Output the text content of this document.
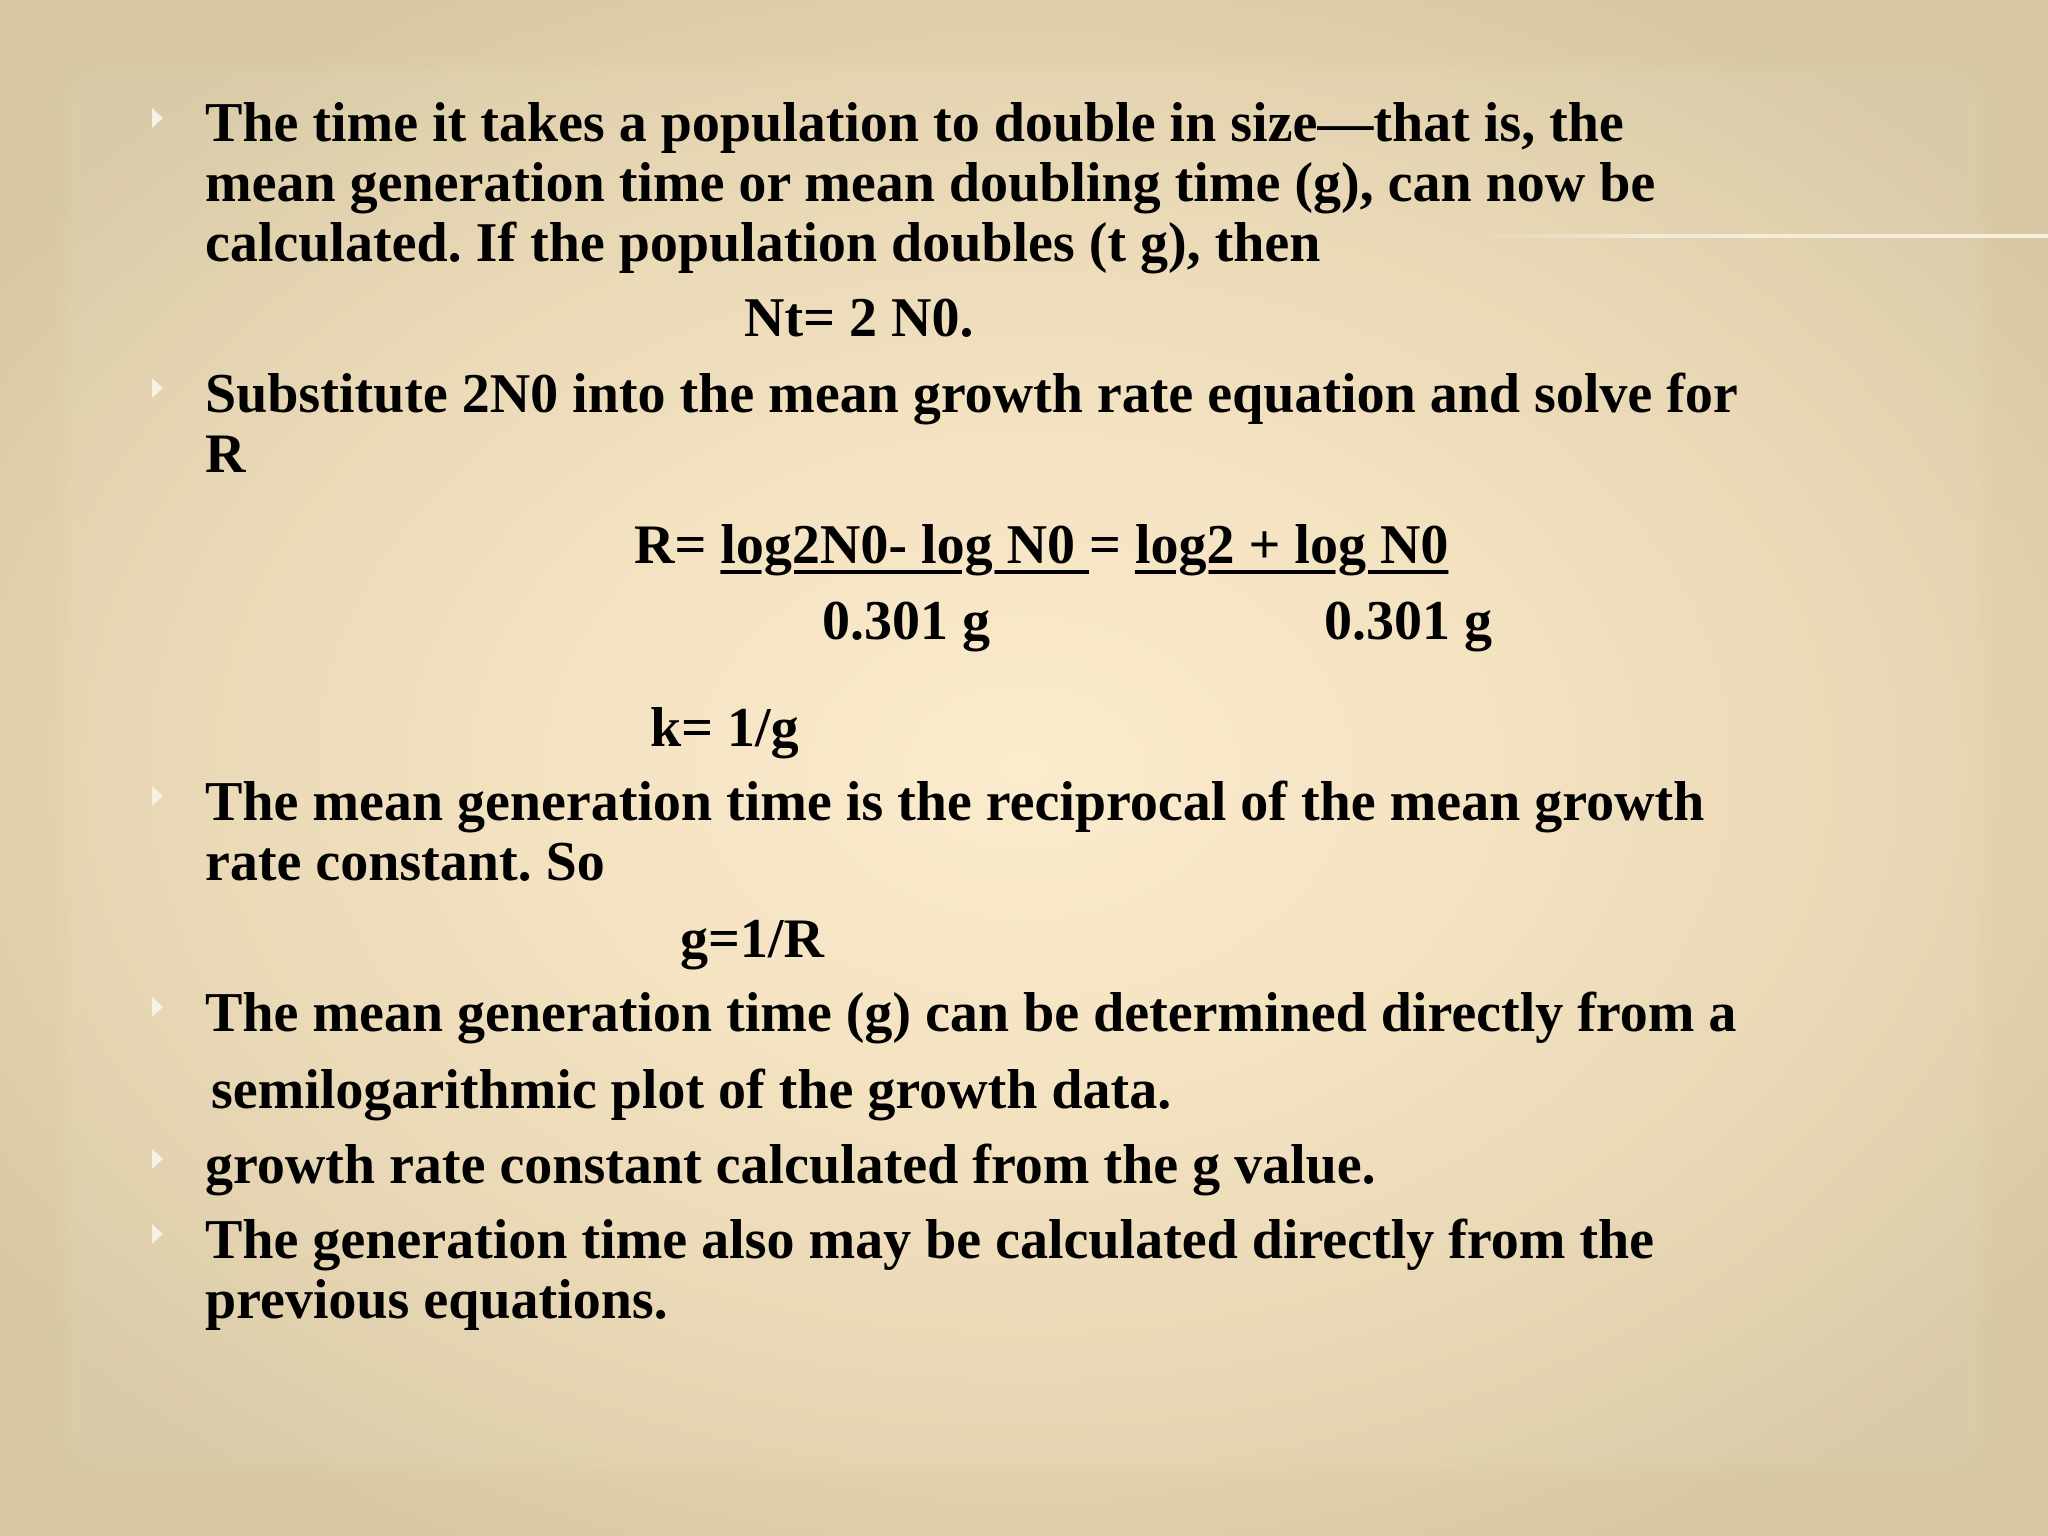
The time it takes a population to double in size—that is, the
mean generation time or mean doubling time (g), can now be
calculated. If the population doubles (t g), then
Nt= 2 N0.
Substitute 2N0 into the mean growth rate equation and solve for
R
R= log2N0- log N0 = log2 + log N0
0.301 g	0.301 g
k= 1/g
The mean generation time is the reciprocal of the mean growth
rate constant. So
g=1/R
The mean generation time (g) can be determined directly from a
semilogarithmic plot of the growth data.
growth rate constant calculated from the g value.
The generation time also may be calculated directly from the
previous equations.
